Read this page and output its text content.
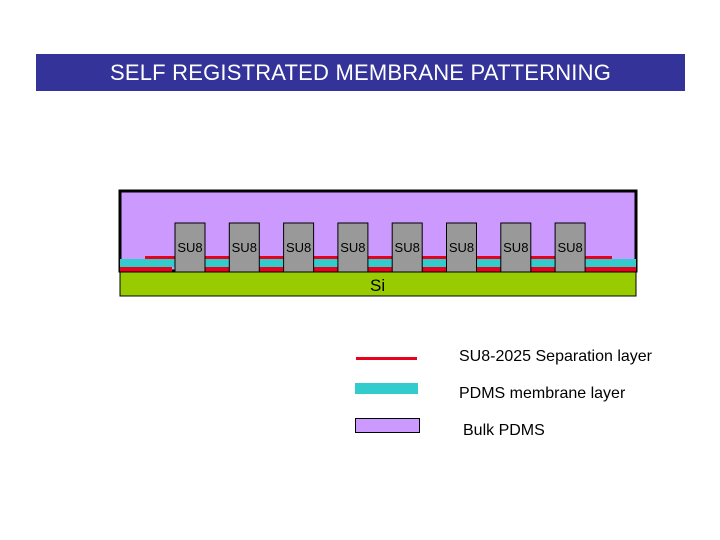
SELF REGISTRATED MEMBRANE PATTERNING
Si
SU8 SU8 SU8 SU8 SU8 SU8 SU8 SU8
SU8-2025 Separation layer
PDMS membrane layer
Bulk PDMS
